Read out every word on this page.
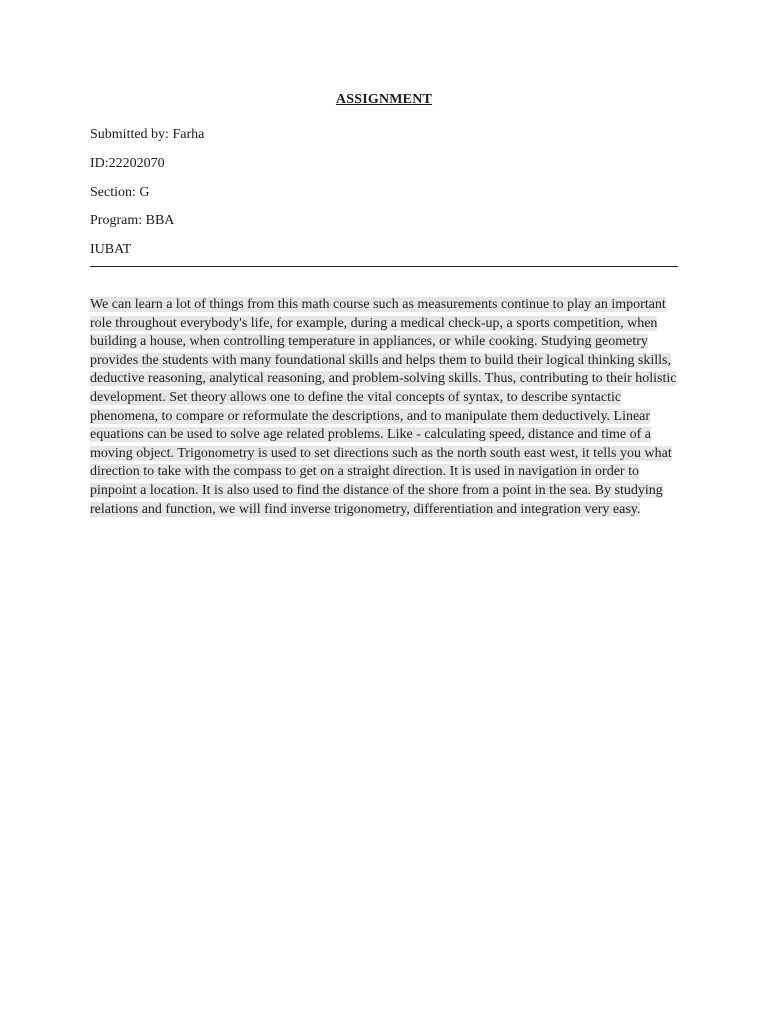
ASSIGNMENT
Submitted by: Farha
ID:22202070
Section: G
Program: BBA
IUBAT
We can learn a lot of things from this math course such as measurements continue to play an important role throughout everybody's life, for example, during a medical check-up, a sports competition, when building a house, when controlling temperature in appliances, or while cooking. Studying geometry provides the students with many foundational skills and helps them to build their logical thinking skills, deductive reasoning, analytical reasoning, and problem-solving skills. Thus, contributing to their holistic development. Set theory allows one to define the vital concepts of syntax, to describe syntactic phenomena, to compare or reformulate the descriptions, and to manipulate them deductively. Linear equations can be used to solve age related problems. Like - calculating speed, distance and time of a moving object. Trigonometry is used to set directions such as the north south east west, it tells you what direction to take with the compass to get on a straight direction. It is used in navigation in order to pinpoint a location. It is also used to find the distance of the shore from a point in the sea. By studying relations and function, we will find inverse trigonometry, differentiation and integration very easy.
